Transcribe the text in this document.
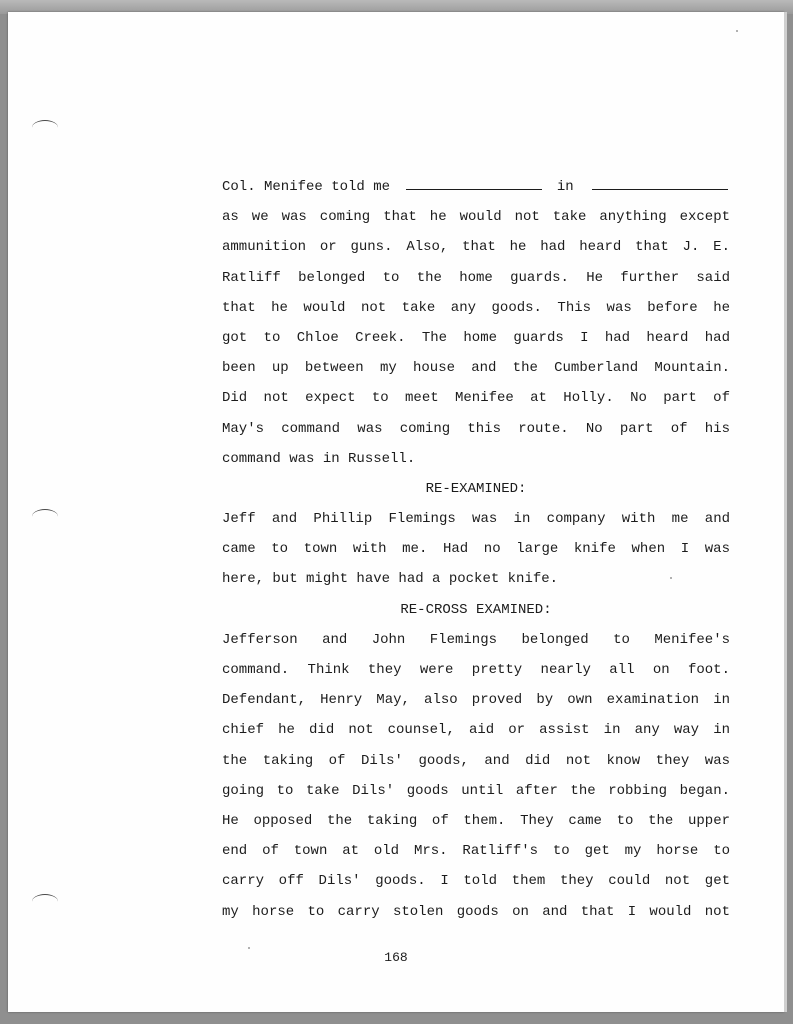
Col. Menifee told me	in
as we was coming that he would not take anything except
ammunition or guns. Also, that he had heard that J. E.
Ratliff belonged to the home guards. He further said
that he would not take any goods. This was before he
got to Chloe Creek. The home guards I had heard had
been up between my house and the Cumberland Mountain.
Did not expect to meet Menifee at Holly. No part of
May's command was coming this route. No part of his
command was in Russell.
RE-EXAMINED:
Jeff and Phillip Flemings was in company with me and
came to town with me. Had no large knife when I was
here, but might have had a pocket knife.
RE-CROSS EXAMINED:
Jefferson and John Flemings belonged to Menifee's
command. Think they were pretty nearly all on foot.
Defendant, Henry May, also proved by own examination in
chief he did not counsel, aid or assist in any way in
the taking of Dils' goods, and did not know they was
going to take Dils' goods until after the robbing began.
He opposed the taking of them. They came to the upper
end of town at old Mrs. Ratliff's to get my horse to
carry off Dils' goods. I told them they could not get
my horse to carry stolen goods on and that I would not
168
